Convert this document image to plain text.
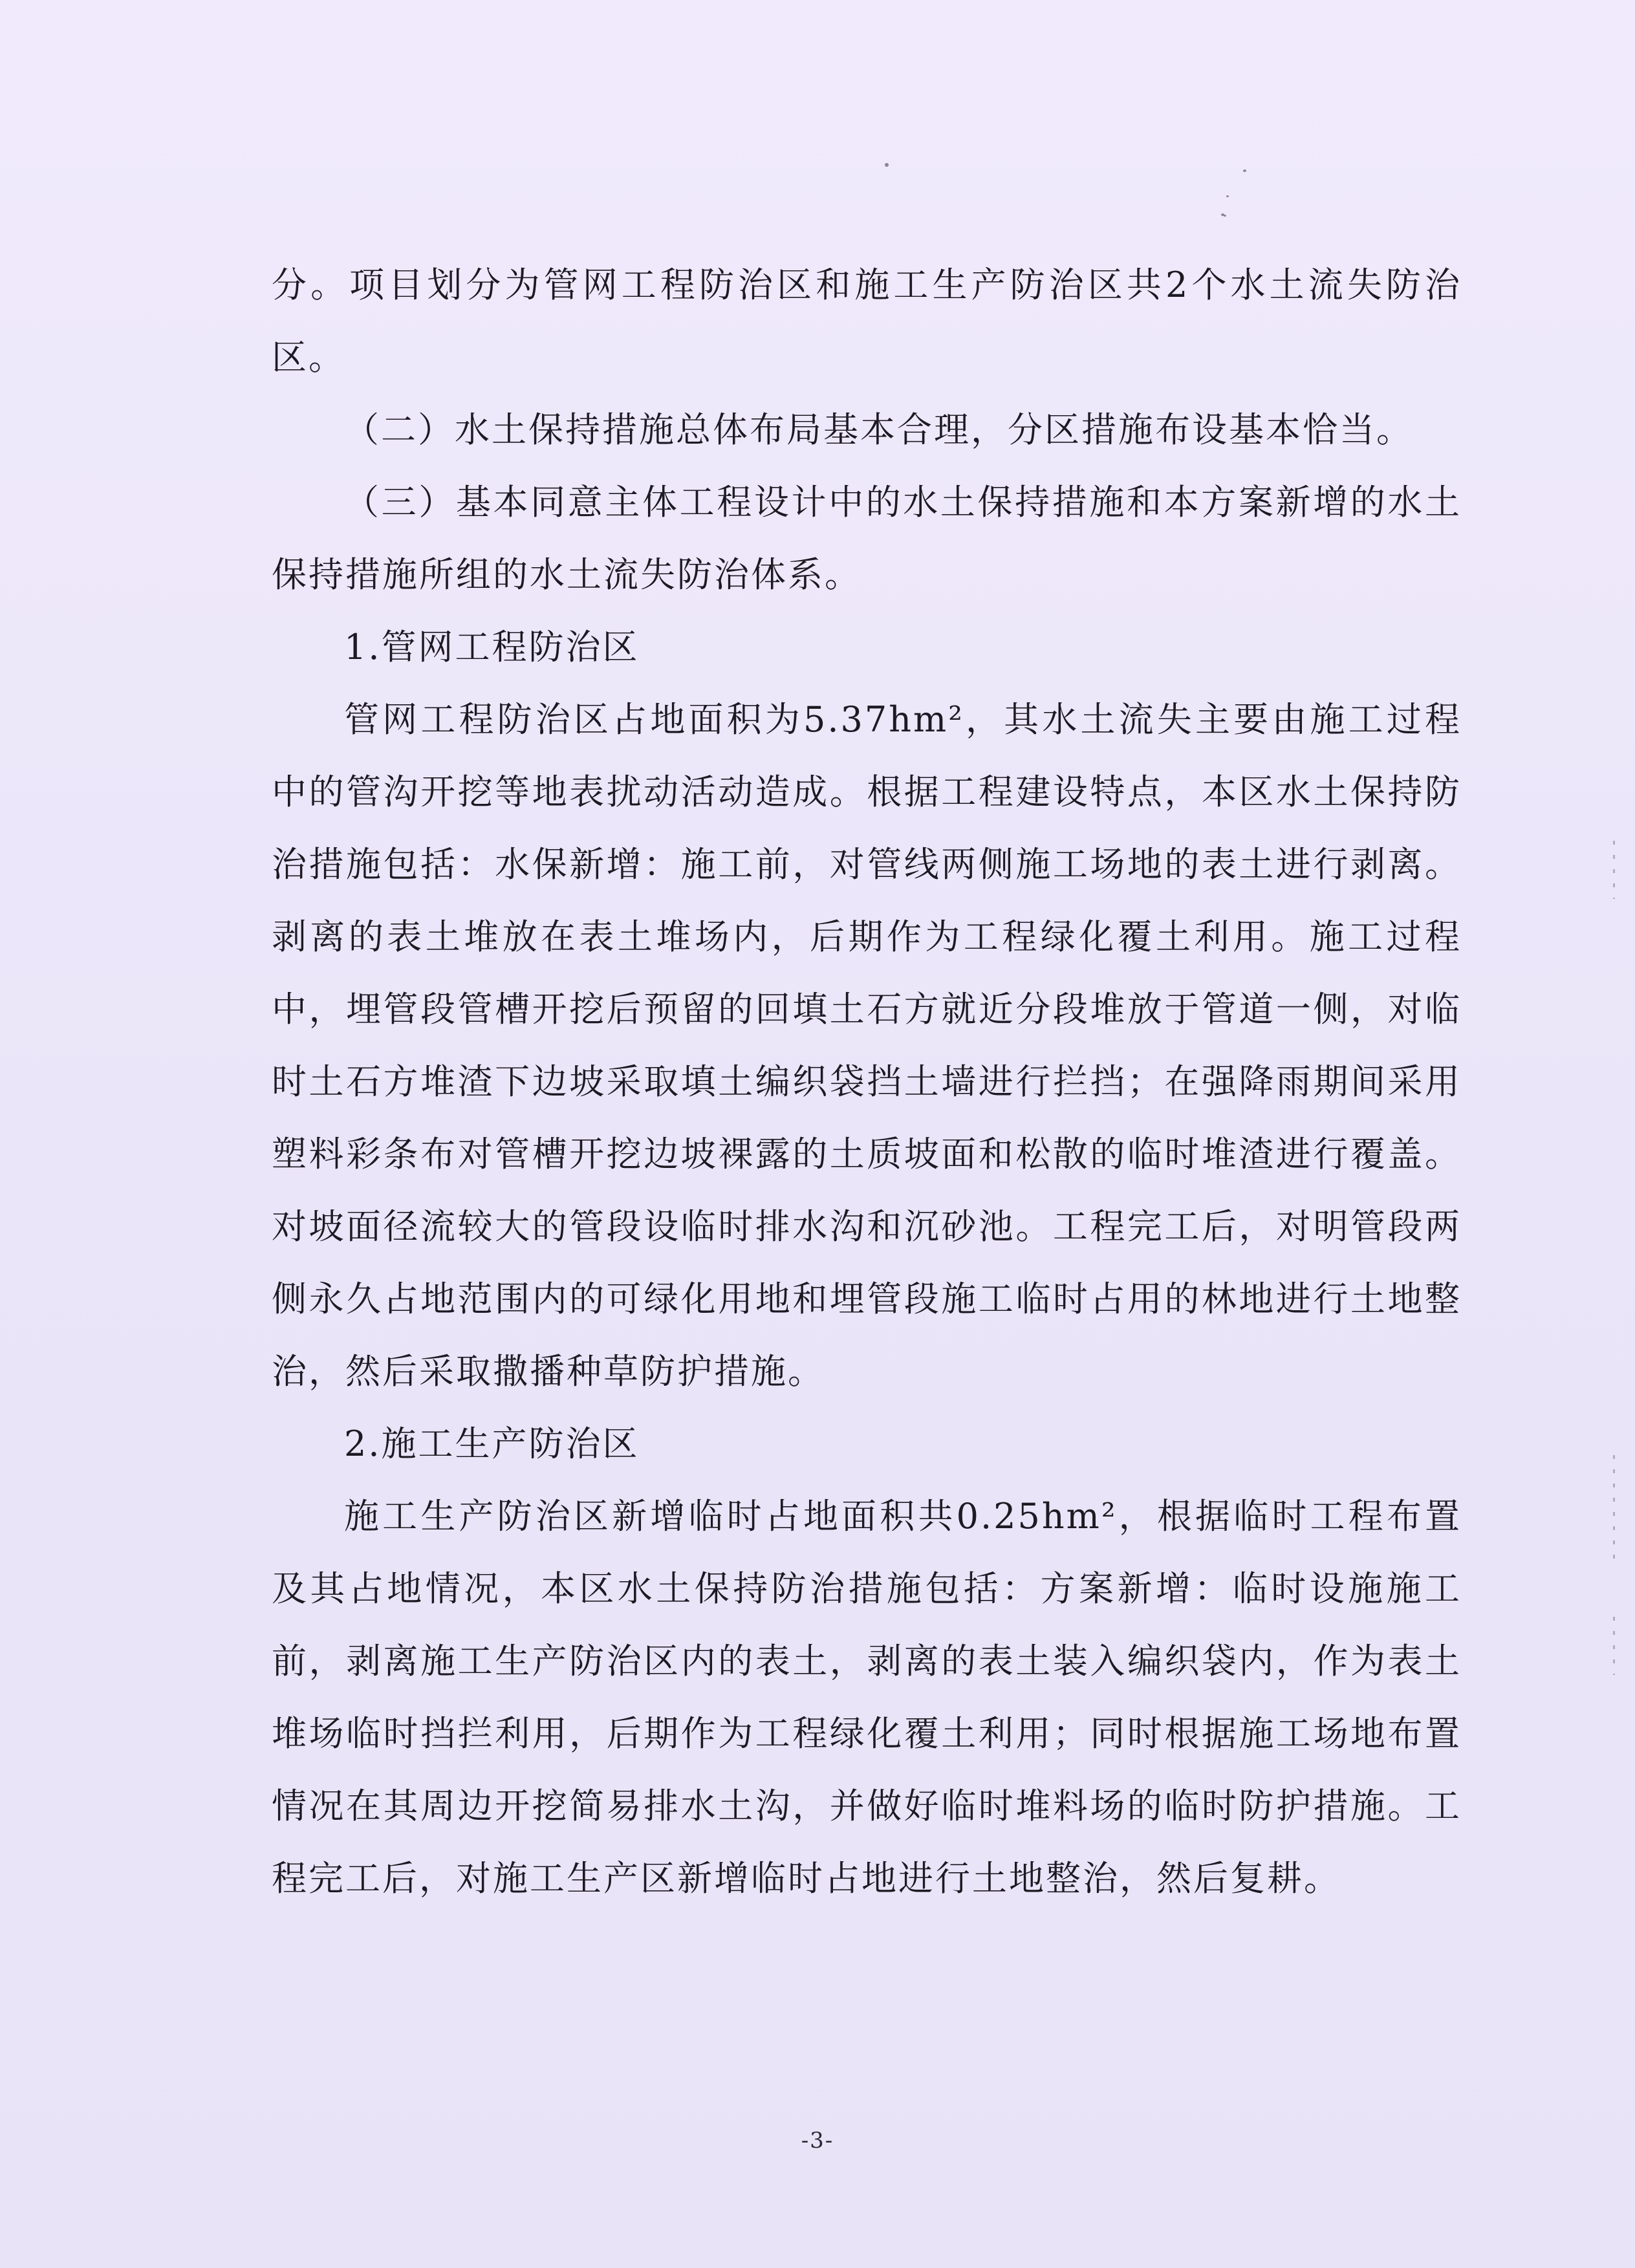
分。项目划分为管网工程防治区和施工生产防治区共2个水土流失防治区。

（二）水土保持措施总体布局基本合理，分区措施布设基本恰当。

（三）基本同意主体工程设计中的水土保持措施和本方案新增的水土保持措施所组的水土流失防治体系。

1.管网工程防治区

管网工程防治区占地面积为5.37hm²，其水土流失主要由施工过程中的管沟开挖等地表扰动活动造成。根据工程建设特点，本区水土保持防治措施包括：水保新增：施工前，对管线两侧施工场地的表土进行剥离。剥离的表土堆放在表土堆场内，后期作为工程绿化覆土利用。施工过程中，埋管段管槽开挖后预留的回填土石方就近分段堆放于管道一侧，对临时土石方堆渣下边坡采取填土编织袋挡土墙进行拦挡；在强降雨期间采用塑料彩条布对管槽开挖边坡裸露的土质坡面和松散的临时堆渣进行覆盖。对坡面径流较大的管段设临时排水沟和沉砂池。工程完工后，对明管段两侧永久占地范围内的可绿化用地和埋管段施工临时占用的林地进行土地整治，然后采取撒播种草防护措施。

2.施工生产防治区

施工生产防治区新增临时占地面积共0.25hm²，根据临时工程布置及其占地情况，本区水土保持防治措施包括：方案新增：临时设施施工前，剥离施工生产防治区内的表土，剥离的表土装入编织袋内，作为表土堆场临时挡拦利用，后期作为工程绿化覆土利用；同时根据施工场地布置情况在其周边开挖简易排水土沟，并做好临时堆料场的临时防护措施。工程完工后，对施工生产区新增临时占地进行土地整治，然后复耕。

-3-
